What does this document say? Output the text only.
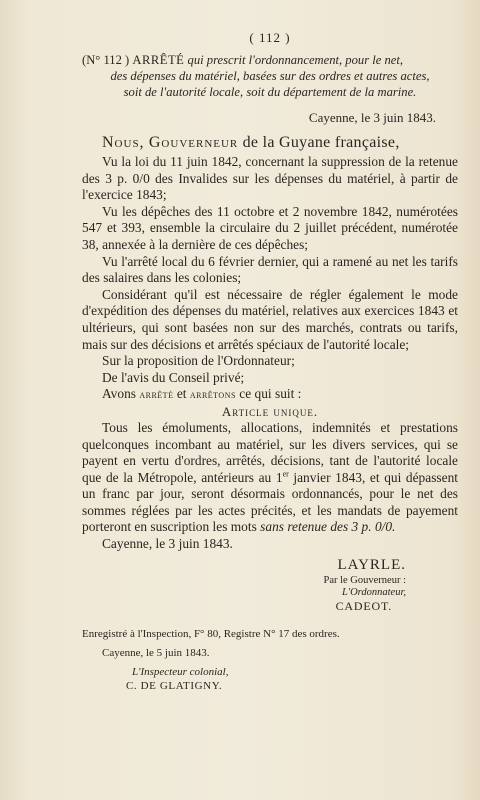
( 112 )
(N° 112 ) ARRÊTÉ qui prescrit l'ordonnancement, pour le net,
des dépenses du matériel, basées sur des ordres et autres actes,
soit de l'autorité locale, soit du département de la marine.
Cayenne, le 3 juin 1843.
Nous, Gouverneur de la Guyane française,

Vu la loi du 11 juin 1842, concernant la suppression de la retenue des 3 p. 0/0 des Invalides sur les dépenses du matériel, à partir de l'exercice 1843;

Vu les dépêches des 11 octobre et 2 novembre 1842, numérotées 547 et 393, ensemble la circulaire du 2 juillet précédent, numérotée 38, annexée à la dernière de ces dépêches;

Vu l'arrêté local du 6 février dernier, qui a ramené au net les tarifs des salaires dans les colonies;

Considérant qu'il est nécessaire de régler également le mode d'expédition des dépenses du matériel, relatives aux exercices 1843 et ultérieurs, qui sont basées non sur des marchés, contrats ou tarifs, mais sur des décisions et arrêtés spéciaux de l'autorité locale;

Sur la proposition de l'Ordonnateur;

De l'avis du Conseil privé;

Avons arrêté et arrêtons ce qui suit :

Article unique.

Tous les émoluments, allocations, indemnités et prestations quelconques incombant au matériel, sur les divers services, qui se payent en vertu d'ordres, arrêtés, décisions, tant de l'autorité locale que de la Métropole, antérieurs au 1er janvier 1843, et qui dépassent un franc par jour, seront désormais ordonnancés, pour le net des sommes réglées par les actes précités, et les mandats de payement porteront en suscription les mots sans retenue des 3 p. 0/0.

Cayenne, le 3 juin 1843.

LAYRLE.
Par le Gouverneur :
L'Ordonnateur,
CADEOT.
Enregistré à l'Inspection, F° 80, Registre N° 17 des ordres.
Cayenne, le 5 juin 1843.
L'Inspecteur colonial,
C. DE GLATIGNY.
